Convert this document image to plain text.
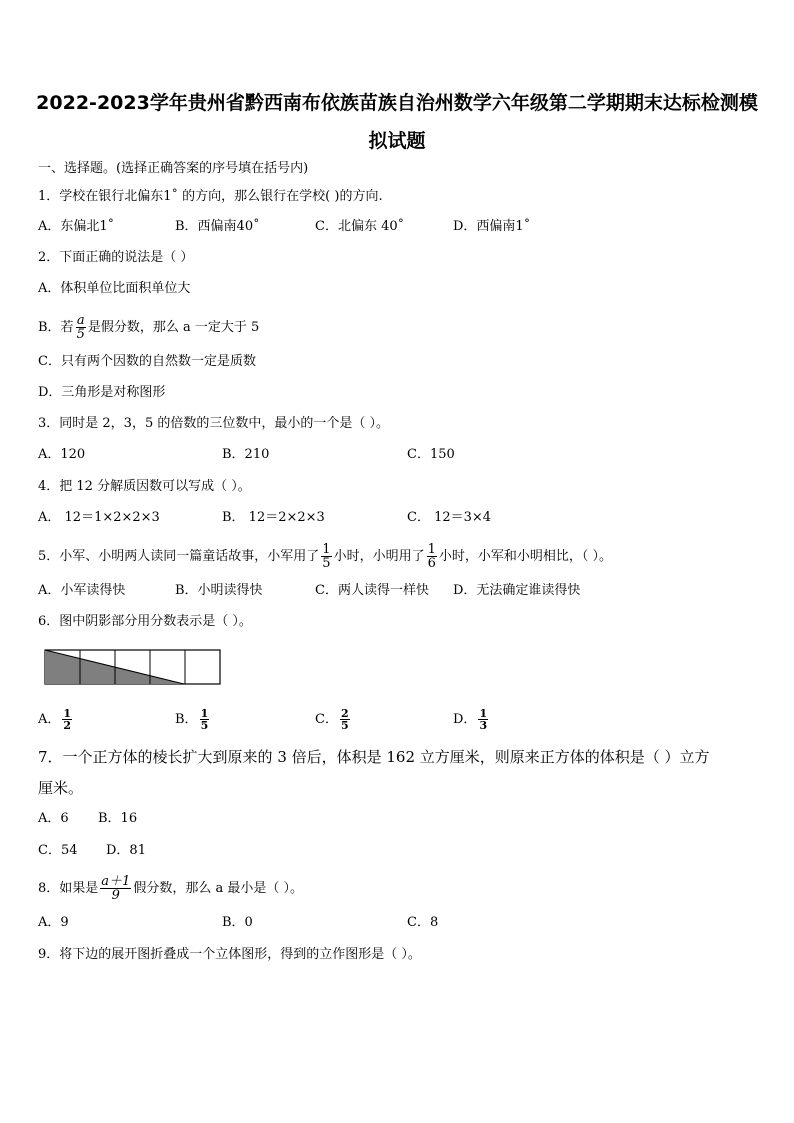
2022-2023学年贵州省黔西南布依族苗族自治州数学六年级第二学期期末达标检测模
拟试题
一、选择题。(选择正确答案的序号填在括号内)
1．学校在银行北偏东1˚ 的方向，那么银行在学校( )的方向.
A．东偏北1˚	B．西偏南40˚	C．北偏东 40˚	D．西偏南1˚
2．下面正确的说法是（ ）
A．体积单位比面积单位大
B．若 $\frac{a}{5}$ 是假分数，那么 a 一定大于 5
C．只有两个因数的自然数一定是质数
D．三角形是对称图形
3．同时是 2，3，5 的倍数的三位数中，最小的一个是（ ）。
A．120	B．210	C．150
4．把 12 分解质因数可以写成（ ）。
A． 12＝1×2×2×3	B． 12＝2×2×3	C． 12＝3×4
5．小军、小明两人读同一篇童话故事，小军用了 $\frac{1}{5}$ 小时，小明用了 $\frac{1}{6}$ 小时，小军和小明相比，（ ）。
A．小军读得快	B．小明读得快	C．两人读得一样快 D．无法确定谁读得快
6．图中阴影部分用分数表示是（ ）。
A． $\frac{1}{2}$	B． $\frac{1}{5}$	C． $\frac{2}{5}$	D． $\frac{1}{3}$
7．一个正方体的棱长扩大到原来的 3 倍后，体积是 162 立方厘米，则原来正方体的体积是（ ）立方
厘米。
A．6 B．16
C．54 D．81
8．如果是 $\frac{a+1}{9}$ 假分数，那么 a 最小是（ ）。
A．9	B．0	C．8
9．将下边的展开图折叠成一个立体图形，得到的立作图形是（ ）。
